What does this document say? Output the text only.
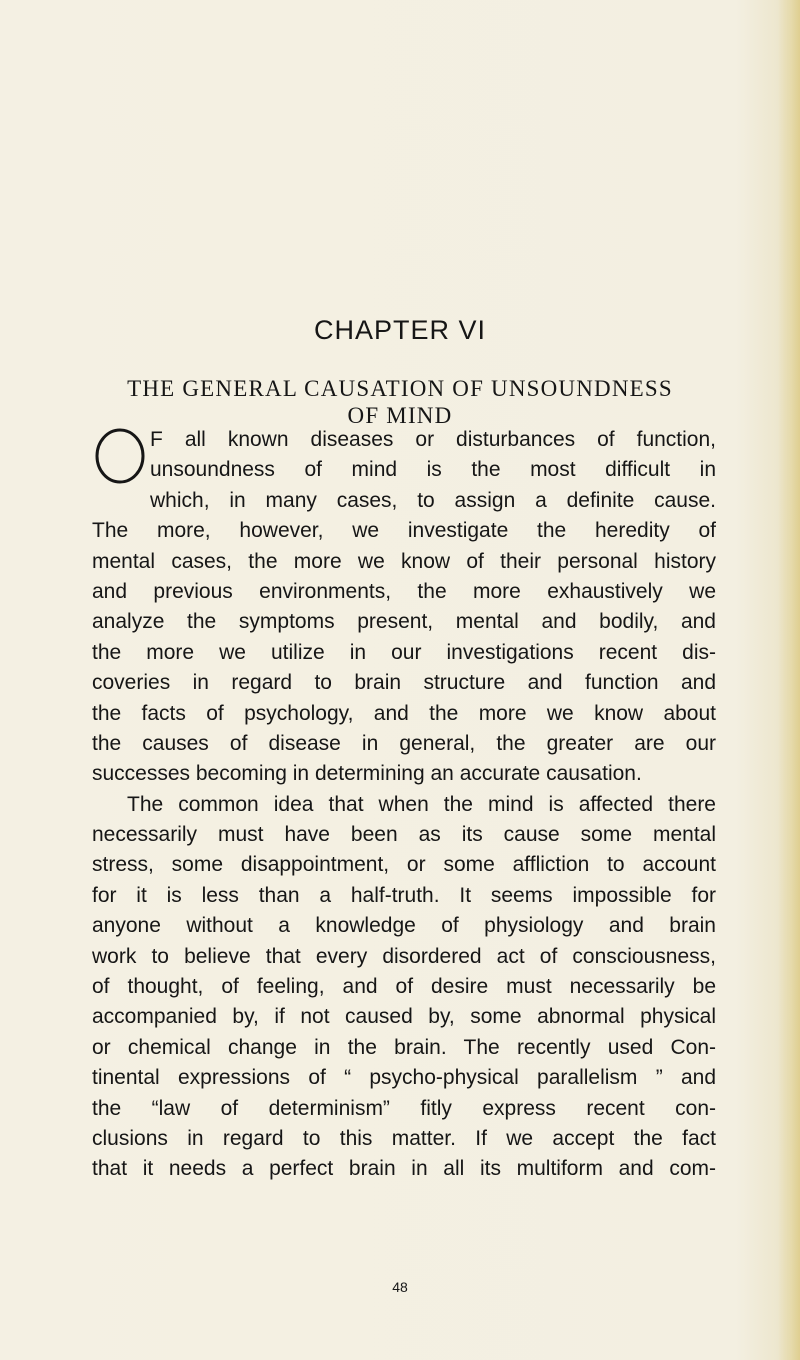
CHAPTER VI
THE GENERAL CAUSATION OF UNSOUNDNESS
OF MIND
F all known diseases or disturbances of function,
unsoundness of mind is the most difficult in
which, in many cases, to assign a definite cause.
The more, however, we investigate the heredity of
mental cases, the more we know of their personal history
and previous environments, the more exhaustively we
analyze the symptoms present, mental and bodily, and
the more we utilize in our investigations recent dis-
coveries in regard to brain structure and function and
the facts of psychology, and the more we know about
the causes of disease in general, the greater are our
successes becoming in determining an accurate causation.
The common idea that when the mind is affected there
necessarily must have been as its cause some mental
stress, some disappointment, or some affliction to account
for it is less than a half-truth. It seems impossible for
anyone without a knowledge of physiology and brain
work to believe that every disordered act of consciousness,
of thought, of feeling, and of desire must necessarily be
accompanied by, if not caused by, some abnormal physical
or chemical change in the brain. The recently used Con-
tinental expressions of “ psycho-physical parallelism ” and
the “law of determinism” fitly express recent con-
clusions in regard to this matter. If we accept the fact
that it needs a perfect brain in all its multiform and com-
48
